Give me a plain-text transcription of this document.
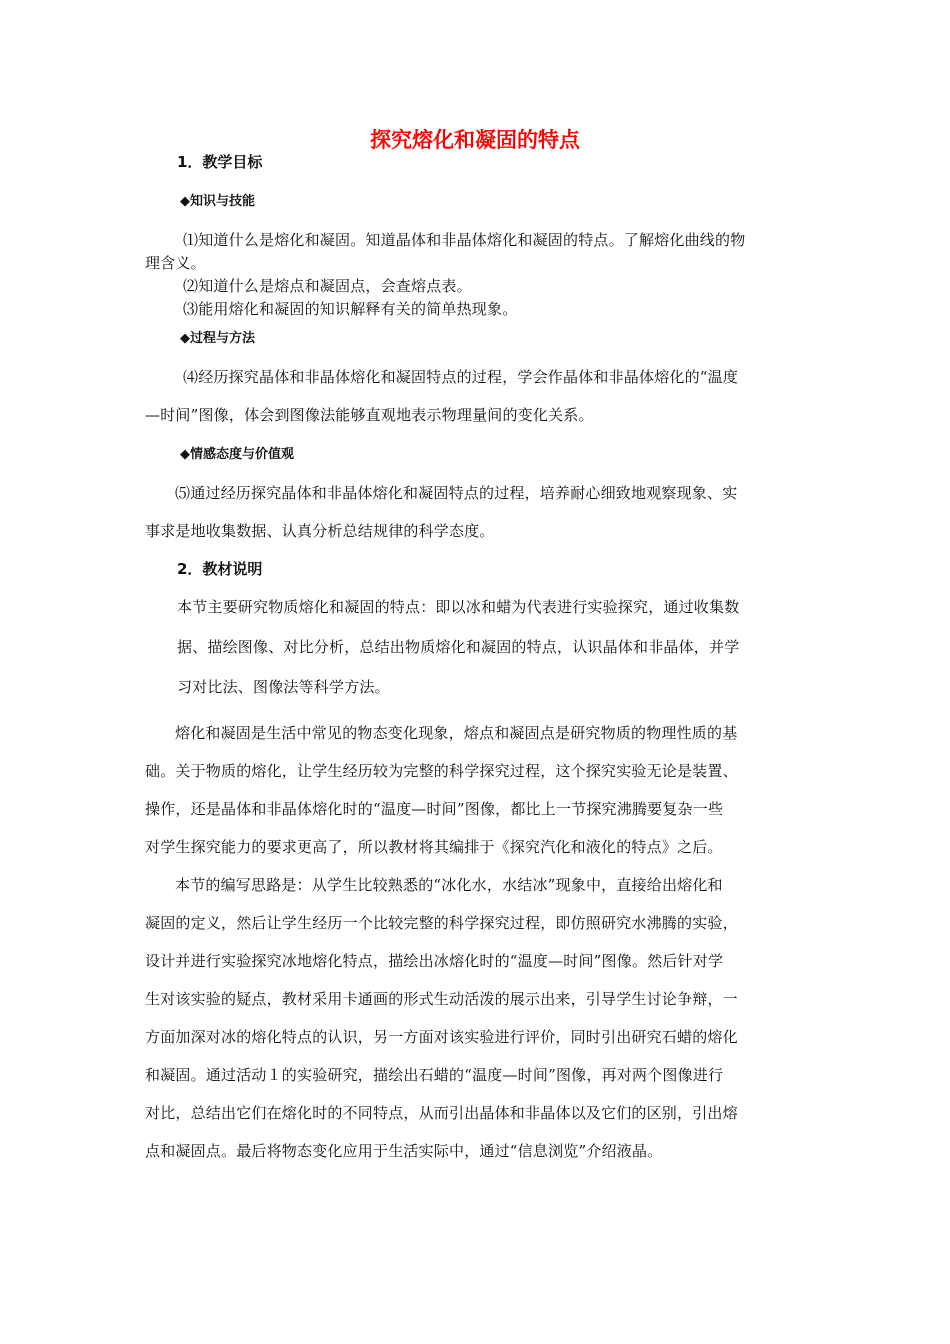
探究熔化和凝固的特点
1．教学目标
◆知识与技能
⑴知道什么是熔化和凝固。知道晶体和非晶体熔化和凝固的特点。了解熔化曲线的物
理含义。
⑵知道什么是熔点和凝固点，会查熔点表。
⑶能用熔化和凝固的知识解释有关的简单热现象。
◆过程与方法
⑷经历探究晶体和非晶体熔化和凝固特点的过程，学会作晶体和非晶体熔化的“温度
—时间”图像，体会到图像法能够直观地表示物理量间的变化关系。
◆情感态度与价值观
⑸通过经历探究晶体和非晶体熔化和凝固特点的过程，培养耐心细致地观察现象、实
事求是地收集数据、认真分析总结规律的科学态度。
2．教材说明
本节主要研究物质熔化和凝固的特点：即以冰和蜡为代表进行实验探究，通过收集数
据、描绘图像、对比分析，总结出物质熔化和凝固的特点，认识晶体和非晶体，并学
习对比法、图像法等科学方法。
熔化和凝固是生活中常见的物态变化现象，熔点和凝固点是研究物质的物理性质的基
础。关于物质的熔化，让学生经历较为完整的科学探究过程，这个探究实验无论是装置、
操作，还是晶体和非晶体熔化时的“温度—时间”图像，都比上一节探究沸腾要复杂一些
对学生探究能力的要求更高了，所以教材将其编排于《探究汽化和液化的特点》之后。
本节的编写思路是：从学生比较熟悉的“冰化水，水结冰”现象中，直接给出熔化和
凝固的定义，然后让学生经历一个比较完整的科学探究过程，即仿照研究水沸腾的实验，
设计并进行实验探究冰地熔化特点，描绘出冰熔化时的“温度—时间”图像。然后针对学
生对该实验的疑点，教材采用卡通画的形式生动活泼的展示出来，引导学生讨论争辩，一
方面加深对冰的熔化特点的认识，另一方面对该实验进行评价，同时引出研究石蜡的熔化
和凝固。通过活动１的实验研究，描绘出石蜡的“温度—时间”图像，再对两个图像进行
对比，总结出它们在熔化时的不同特点，从而引出晶体和非晶体以及它们的区别，引出熔
点和凝固点。最后将物态变化应用于生活实际中，通过“信息浏览”介绍液晶。
